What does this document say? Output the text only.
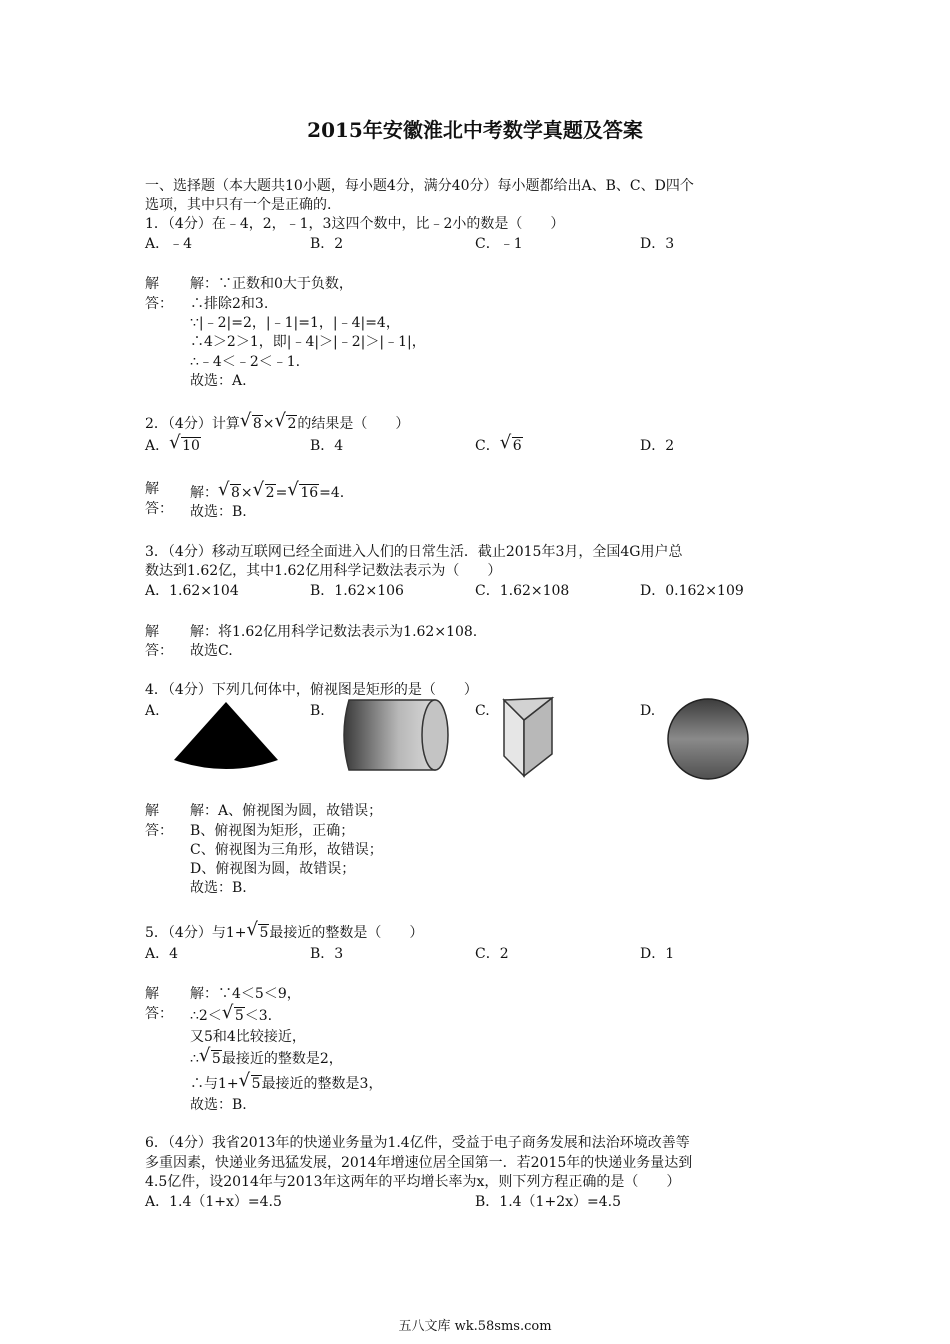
2015年安徽淮北中考数学真题及答案
一、选择题（本大题共10小题，每小题4分，满分40分）每小题都给出A、B、C、D四个
选项，其中只有一个是正确的.
1．（4分）在﹣4，2，﹣1，3这四个数中，比﹣2小的数是（　　）
A．﹣4	B．2	C．﹣1	D．3
解
答：
解：∵正数和0大于负数，
∴排除2和3.
∵|﹣2|=2，|﹣1|=1，|﹣4|=4，
∴4＞2＞1，即|﹣4|＞|﹣2|＞|﹣1|，
∴﹣4＜﹣2＜﹣1.
故选：A.
2．（4分）计算 √ 8× √ 2的结果是（　　）
A． √ 10	B．4	C． √ 6	D．2
解
答：
解： √ 8× √ 2= √ 16=4.
故选：B.
3．（4分）移动互联网已经全面进入人们的日常生活．截止2015年3月，全国4G用户总
数达到1.62亿，其中1.62亿用科学记数法表示为（　　）
A．1.62×104	B．1.62×106	C．1.62×108	D．0.162×109
解
答：
解：将1.62亿用科学记数法表示为1.62×108.
故选C.
4．（4分）下列几何体中，俯视图是矩形的是（　　）
A.	B.	C.	D.
解
答：
解：A、俯视图为圆，故错误；
B、俯视图为矩形，正确；
C、俯视图为三角形，故错误；
D、俯视图为圆，故错误；
故选：B.
5．（4分）与1+ √ 5最接近的整数是（　　）
A．4	B．3	C．2	D．1
解
答：
解：∵4＜5＜9，
∴2＜ √ 5＜3.
又5和4比较接近，
∴ √ 5最接近的整数是2，
∴与1+ √ 5最接近的整数是3，
故选：B.
6．（4分）我省2013年的快递业务量为1.4亿件，受益于电子商务发展和法治环境改善等
多重因素，快递业务迅猛发展，2014年增速位居全国第一．若2015年的快递业务量达到
4.5亿件，设2014年与2013年这两年的平均增长率为x，则下列方程正确的是（　　）
A．1.4（1+x）=4.5	B．1.4（1+2x）=4.5
五八文库 wk.58sms.com
